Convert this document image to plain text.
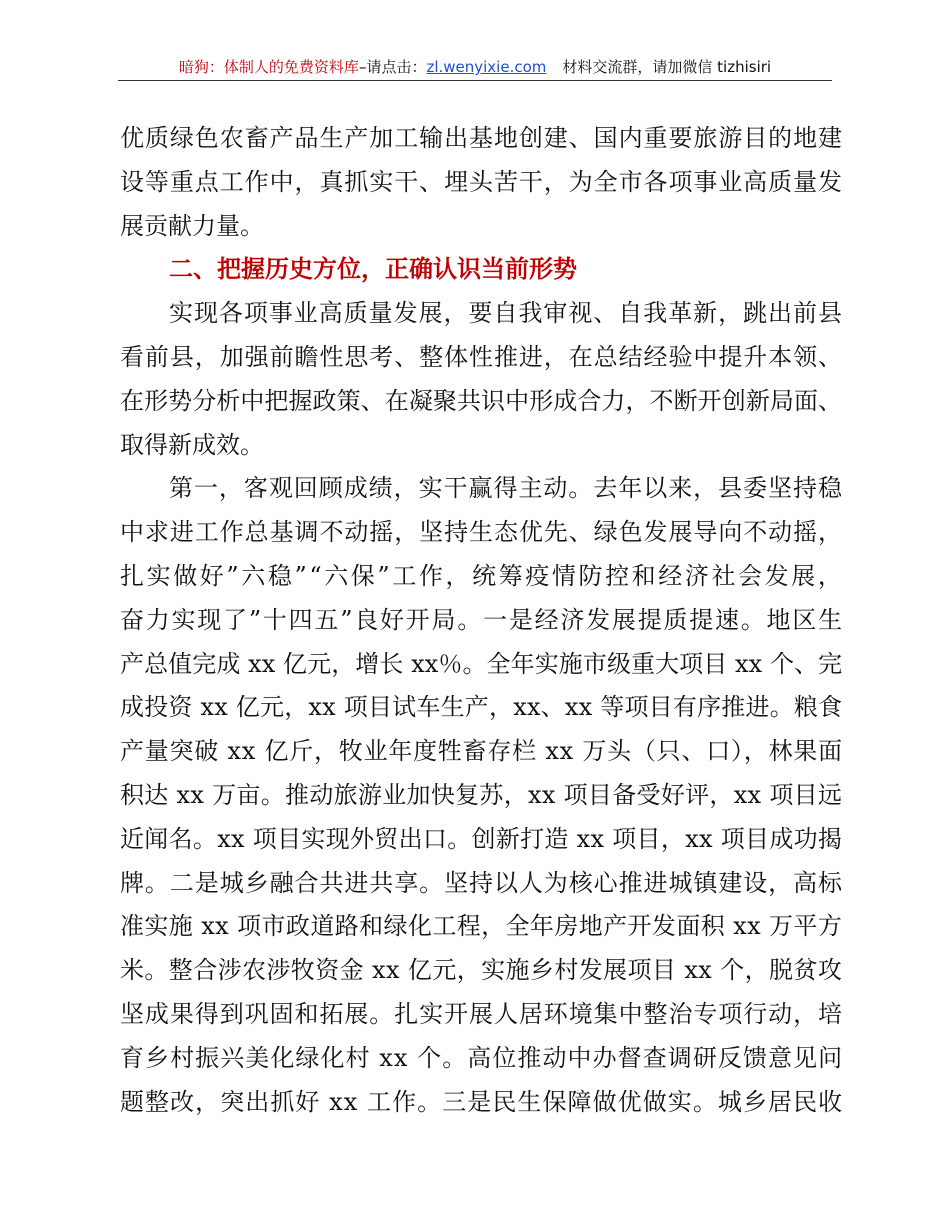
暗狗：体制人的免费资料库–请点击：zl.wenyixie.com 材料交流群，请加微信 tizhisiri
优质绿色农畜产品生产加工输出基地创建、国内重要旅游目的地建
设等重点工作中，真抓实干、埋头苦干，为全市各项事业高质量发
展贡献力量。
二、把握历史方位，正确认识当前形势
实现各项事业高质量发展，要自我审视、自我革新，跳出前县
看前县，加强前瞻性思考、整体性推进，在总结经验中提升本领、
在形势分析中把握政策、在凝聚共识中形成合力，不断开创新局面、
取得新成效。
第一，客观回顾成绩，实干赢得主动。去年以来，县委坚持稳
中求进工作总基调不动摇，坚持生态优先、绿色发展导向不动摇，
扎实做好”六稳”“六保”工作，统筹疫情防控和经济社会发展，
奋力实现了”十四五”良好开局。一是经济发展提质提速。地区生
产总值完成 xx 亿元，增长 xx％。全年实施市级重大项目 xx 个、完
成投资 xx 亿元，xx 项目试车生产，xx、xx 等项目有序推进。粮食
产量突破 xx 亿斤，牧业年度牲畜存栏 xx 万头（只、口），林果面
积达 xx 万亩。推动旅游业加快复苏，xx 项目备受好评，xx 项目远
近闻名。xx 项目实现外贸出口。创新打造 xx 项目，xx 项目成功揭
牌。二是城乡融合共进共享。坚持以人为核心推进城镇建设，高标
准实施 xx 项市政道路和绿化工程，全年房地产开发面积 xx 万平方
米。整合涉农涉牧资金 xx 亿元，实施乡村发展项目 xx 个，脱贫攻
坚成果得到巩固和拓展。扎实开展人居环境集中整治专项行动，培
育乡村振兴美化绿化村 xx 个。高位推动中办督查调研反馈意见问
题整改，突出抓好 xx 工作。三是民生保障做优做实。城乡居民收
